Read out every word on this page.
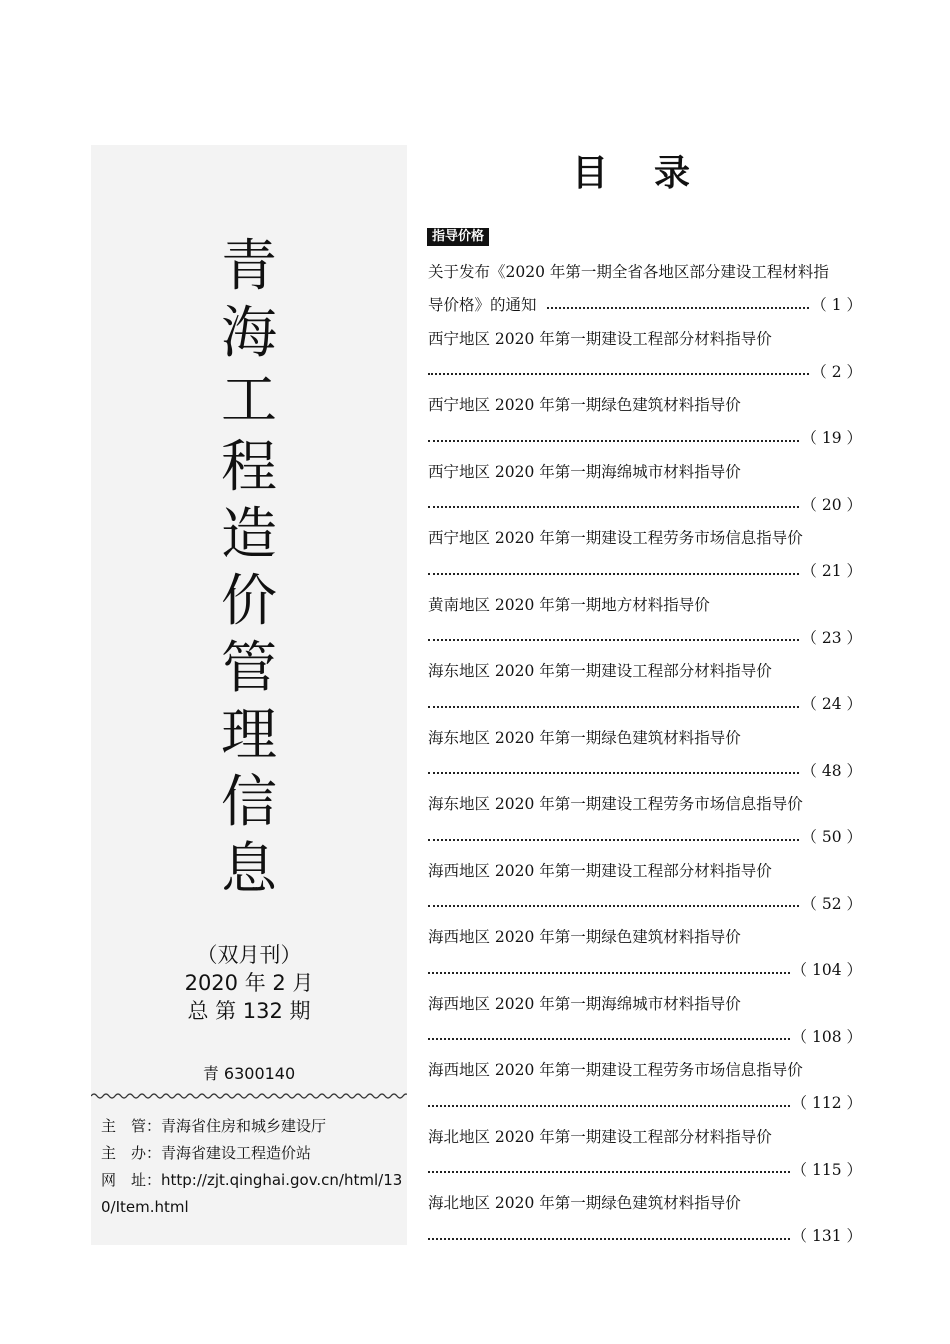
青
海
工
程
造
价
管
理
信
息
（双月刊）
2020 年 2 月
总 第 132 期
青 6300140
主　管：青海省住房和城乡建设厅
主　办：青海省建设工程造价站
网　址：http://zjt.qinghai.gov.cn/html/130/Item.html
目录
指导价格
关于发布《2020 年第一期全省各地区部分建设工程材料指
导价格》的通知	（ 1 ）
西宁地区 2020 年第一期建设工程部分材料指导价
（ 2 ）
西宁地区 2020 年第一期绿色建筑材料指导价
（ 19 ）
西宁地区 2020 年第一期海绵城市材料指导价
（ 20 ）
西宁地区 2020 年第一期建设工程劳务市场信息指导价
（ 21 ）
黄南地区 2020 年第一期地方材料指导价
（ 23 ）
海东地区 2020 年第一期建设工程部分材料指导价
（ 24 ）
海东地区 2020 年第一期绿色建筑材料指导价
（ 48 ）
海东地区 2020 年第一期建设工程劳务市场信息指导价
（ 50 ）
海西地区 2020 年第一期建设工程部分材料指导价
（ 52 ）
海西地区 2020 年第一期绿色建筑材料指导价
（ 104 ）
海西地区 2020 年第一期海绵城市材料指导价
（ 108 ）
海西地区 2020 年第一期建设工程劳务市场信息指导价
（ 112 ）
海北地区 2020 年第一期建设工程部分材料指导价
（ 115 ）
海北地区 2020 年第一期绿色建筑材料指导价
（ 131 ）
